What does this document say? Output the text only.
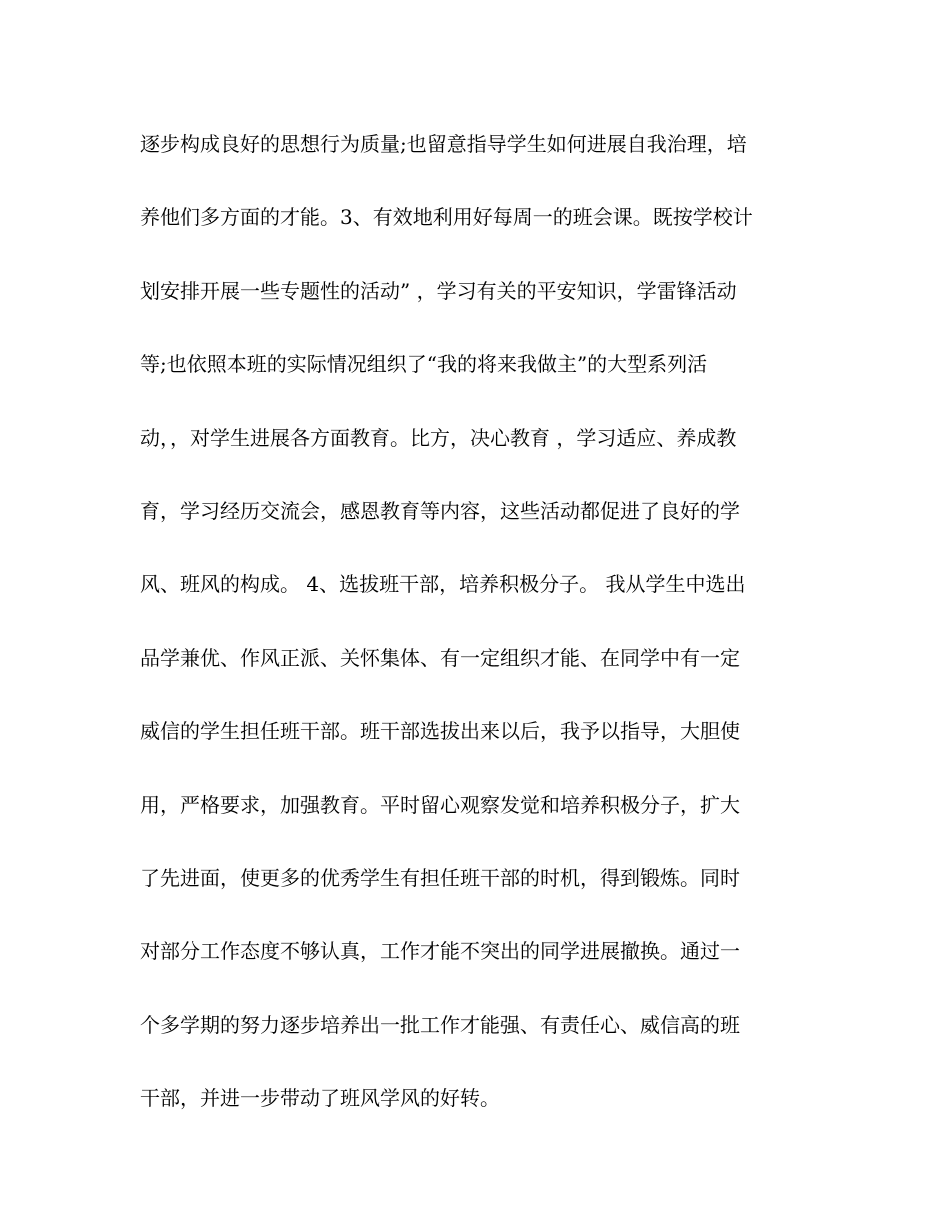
逐步构成良好的思想行为质量;也留意指导学生如何进展自我治理，培
养他们多方面的才能。3、有效地利用好每周一的班会课。既按学校计
划安排开展一些专题性的活动” ，学习有关的平安知识，学雷锋活动
等;也依照本班的实际情况组织了“我的将来我做主”的大型系列活
动，，对学生进展各方面教育。比方，决心教育 ，学习适应、养成教
育，学习经历交流会，感恩教育等内容，这些活动都促进了良好的学
风、班风的构成。 4、选拔班干部，培养积极分子。 我从学生中选出
品学兼优、作风正派、关怀集体、有一定组织才能、在同学中有一定
威信的学生担任班干部。班干部选拔出来以后，我予以指导，大胆使
用，严格要求，加强教育。平时留心观察发觉和培养积极分子，扩大
了先进面，使更多的优秀学生有担任班干部的时机，得到锻炼。同时
对部分工作态度不够认真，工作才能不突出的同学进展撤换。通过一
个多学期的努力逐步培养出一批工作才能强、有责任心、威信高的班
干部，并进一步带动了班风学风的好转。
